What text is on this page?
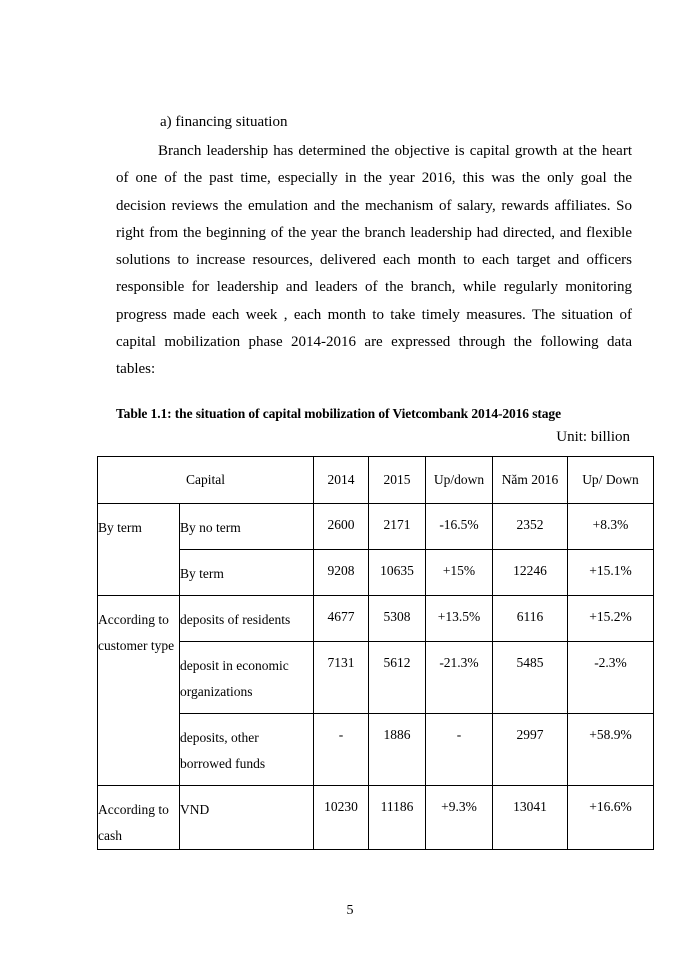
a) financing situation

Branch leadership has determined the objective is capital growth at the heart of one of the past time, especially in the year 2016, this was the only goal the decision reviews the emulation and the mechanism of salary, rewards affiliates. So right from the beginning of the year the branch leadership had directed, and flexible solutions to increase resources, delivered each month to each target and officers responsible for leadership and leaders of the branch, while regularly monitoring progress made each week , each month to take timely measures. The situation of capital mobilization phase 2014-2016 are expressed through the following data tables:

Table 1.1: the situation of capital mobilization of Vietcombank 2014-2016 stage
Unit: billion
Capital		2014	2015	Up/down	Năm 2016	Up/ Down
By term	By no term	2600	2171	-16.5%	2352	+8.3%
	By term	9208	10635	+15%	12246	+15.1%
According to customer type	deposits of residents	4677	5308	+13.5%	6116	+15.2%
	deposit in economic organizations	7131	5612	-21.3%	5485	-2.3%
	deposits, other borrowed funds	-	1886	-	2997	+58.9%
According to cash	VND	10230	11186	+9.3%	13041	+16.6%
5
